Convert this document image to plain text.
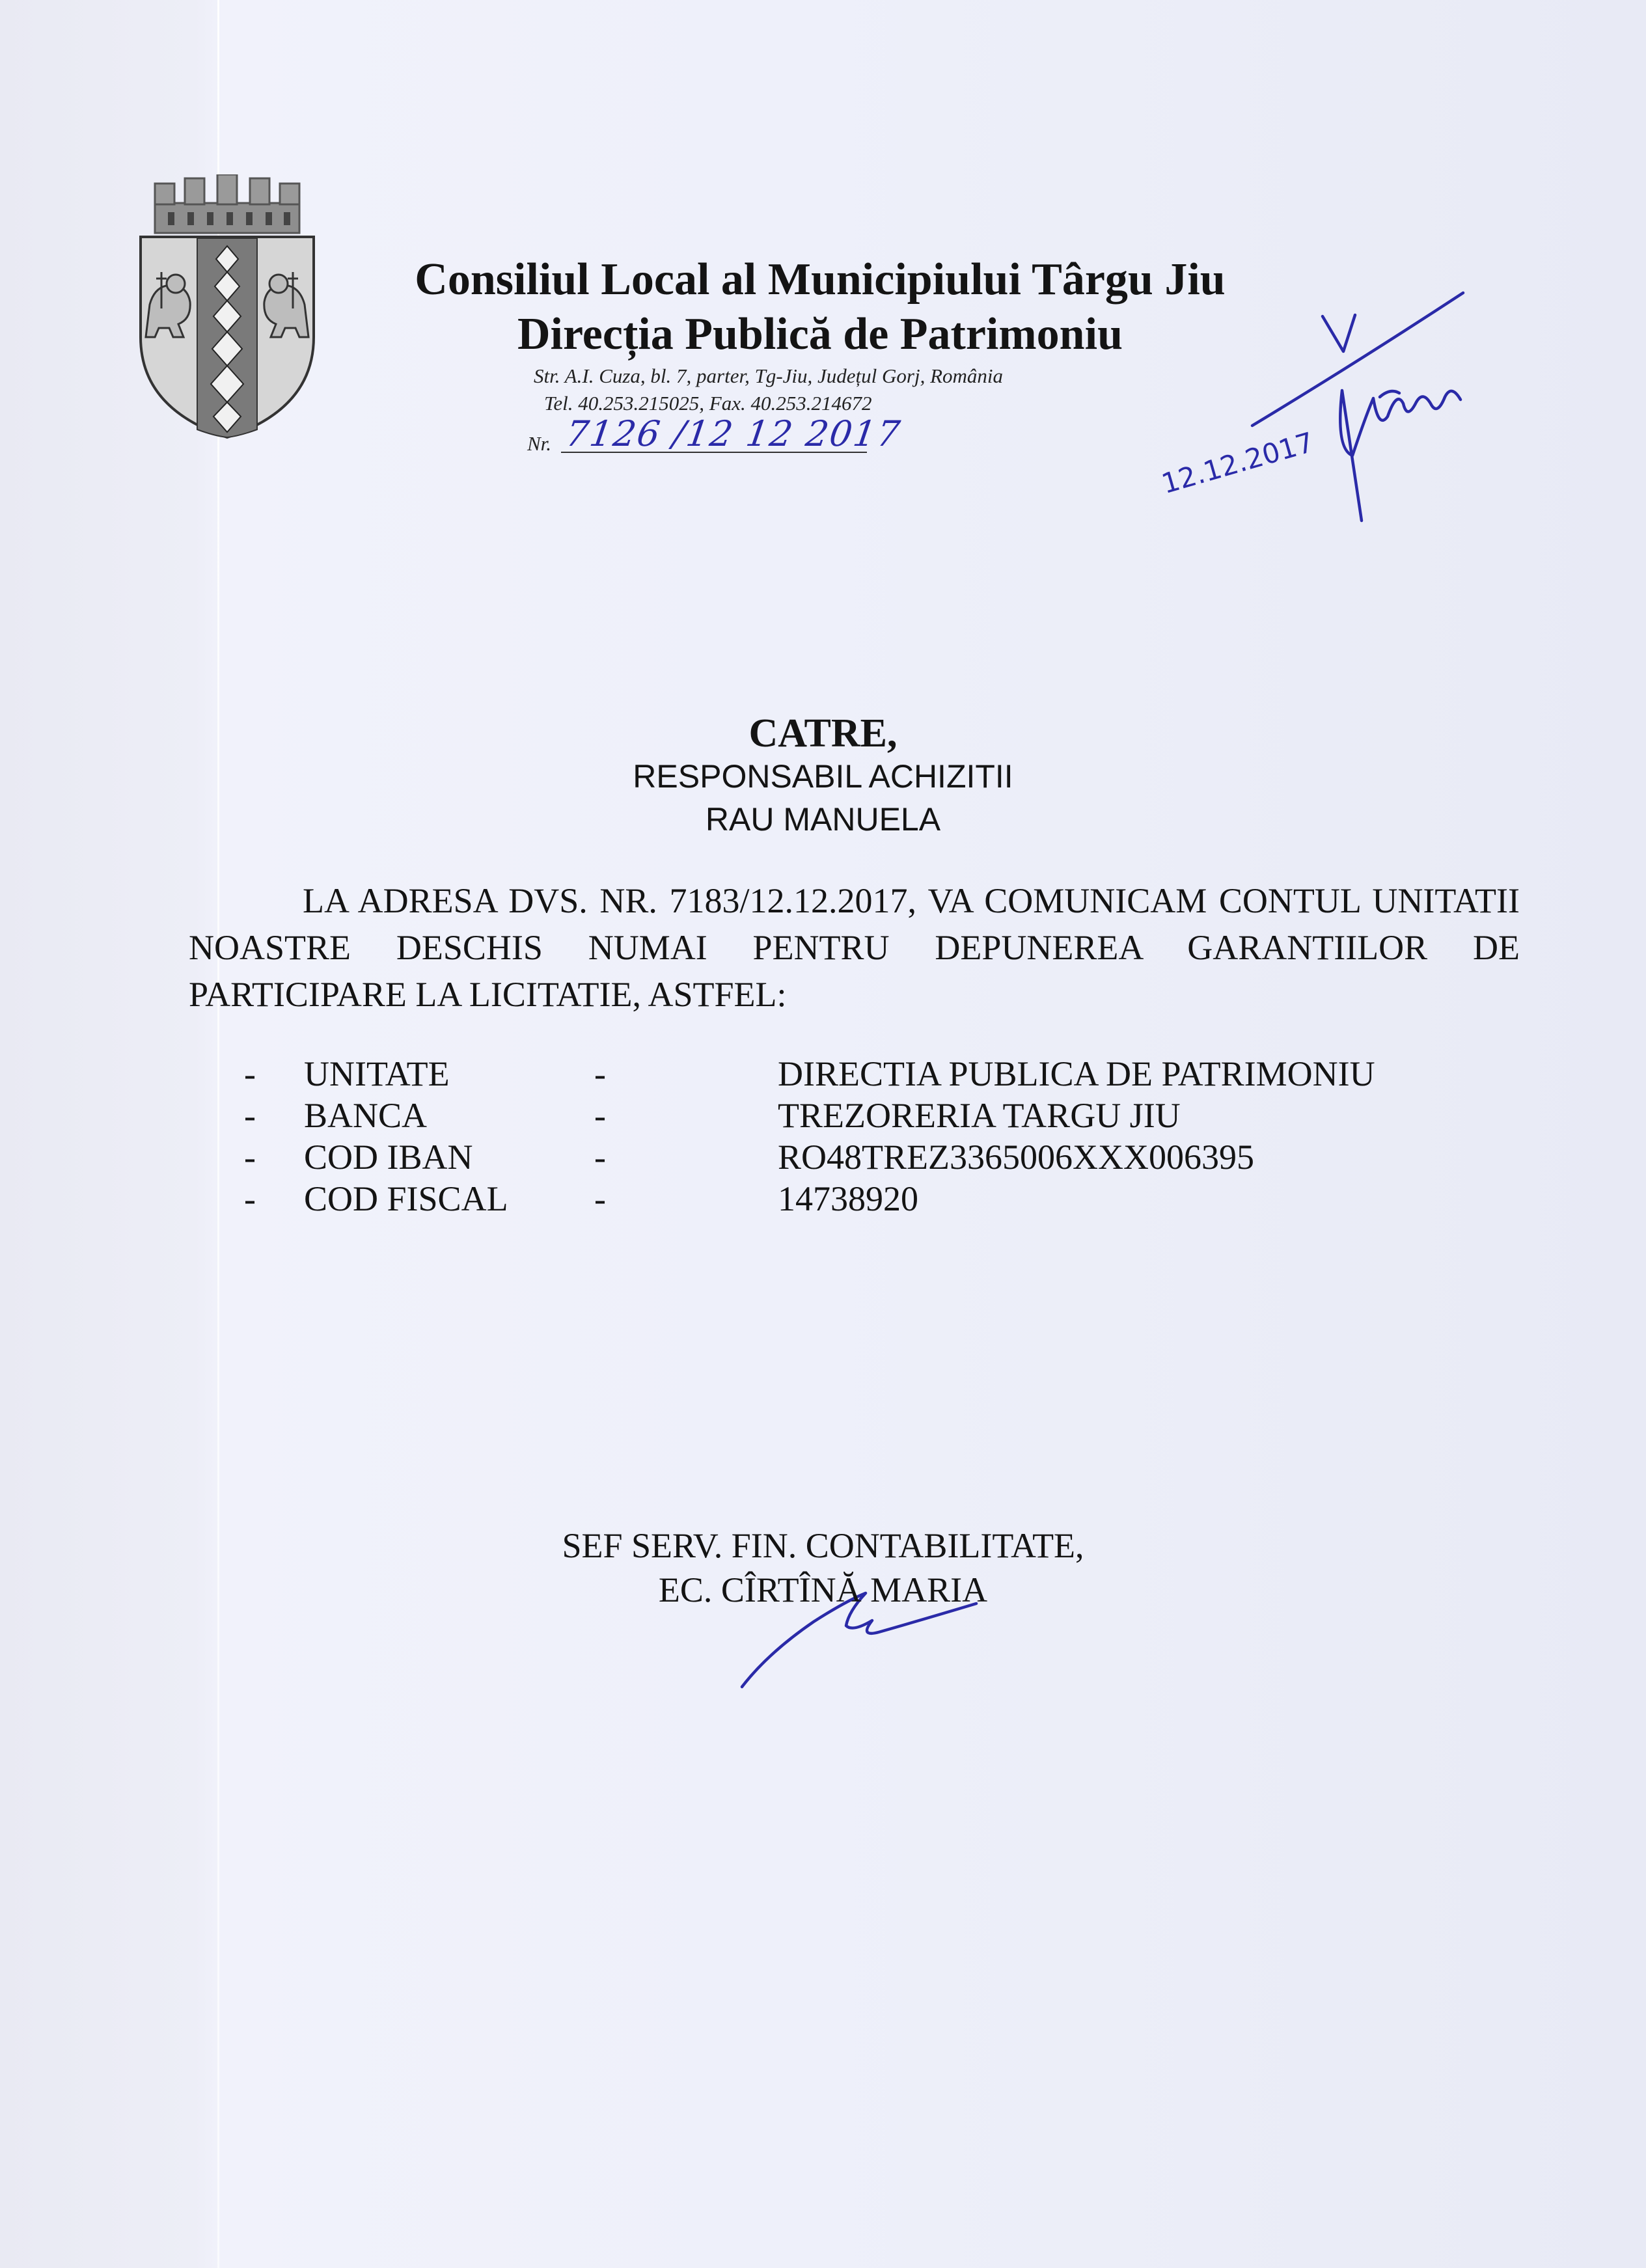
Consiliul Local al Municipiului Târgu Jiu
Direcția Publică de Patrimoniu
Str. A.I. Cuza, bl. 7, parter, Tg-Jiu, Județul Gorj, România
Tel. 40.253.215025, Fax. 40.253.214672
Nr. 7126 /12 12 2017	12.12.2017
CATRE,
RESPONSABIL ACHIZITII
RAU MANUELA
LA ADRESA DVS. NR. 7183/12.12.2017, VA COMUNICAM CONTUL UNITATII NOASTRE DESCHIS NUMAI PENTRU DEPUNEREA GARANTIILOR DE PARTICIPARE LA LICITATIE, ASTFEL:
- UNITATE	-	DIRECTIA PUBLICA DE PATRIMONIU
- BANCA	-	TREZORERIA TARGU JIU
- COD IBAN	-	RO48TREZ3365006XXX006395
- COD FISCAL -	14738920
SEF SERV. FIN. CONTABILITATE,
EC. CÎRTÎNĂ MARIA
